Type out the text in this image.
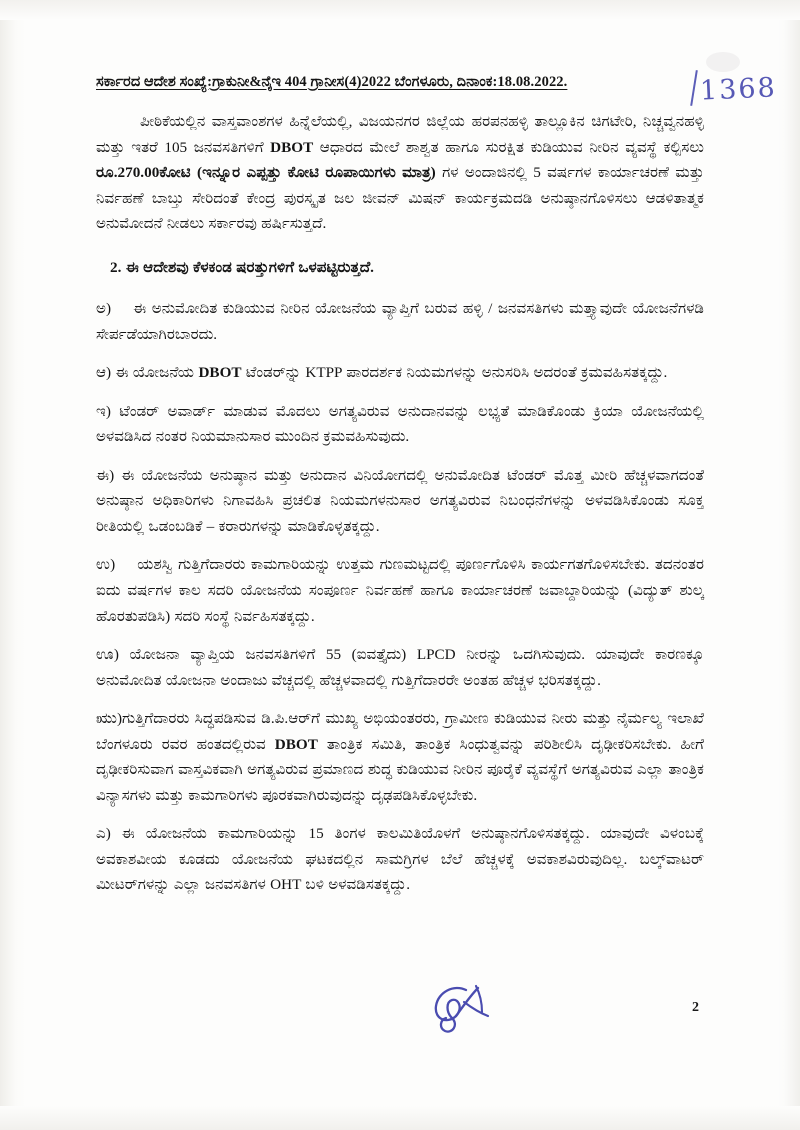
1368
ಸರ್ಕಾರದ ಆದೇಶ ಸಂಖ್ಯೆ:ಗ್ರಾಕುನೀ&ನೈಇ 404 ಗ್ರಾನೀಸ(4)2022 ಬೆಂಗಳೂರು, ದಿನಾಂಕ:18.08.2022.

ಪೀಠಿಕೆಯಲ್ಲಿನ ವಾಸ್ತವಾಂಶಗಳ ಹಿನ್ನೆಲೆಯಲ್ಲಿ, ವಿಜಯನಗರ ಜಿಲ್ಲೆಯ ಹರಪನಹಳ್ಳಿ ತಾಲ್ಲೂಕಿನ ಚಿಗಟೇರಿ, ನಿಚ್ಚವ್ವನಹಳ್ಳಿ ಮತ್ತು ಇತರೆ 105 ಜನವಸತಿಗಳಿಗೆ DBOT ಆಧಾರದ ಮೇಲೆ ಶಾಶ್ವತ ಹಾಗೂ ಸುರಕ್ಷಿತ ಕುಡಿಯುವ ನೀರಿನ ವ್ಯವಸ್ಥೆ ಕಲ್ಪಿಸಲು ರೂ.270.00ಕೋಟಿ (ಇನ್ನೂರ ಎಪ್ಪತ್ತು ಕೋಟಿ ರೂಪಾಯಿಗಳು ಮಾತ್ರ) ಗಳ ಅಂದಾಜಿನಲ್ಲಿ 5 ವರ್ಷಗಳ ಕಾರ್ಯಾಚರಣೆ ಮತ್ತು ನಿರ್ವಹಣೆ ಬಾಬ್ತು ಸೇರಿದಂತೆ ಕೇಂದ್ರ ಪುರಸ್ಕೃತ ಜಲ ಜೀವನ್ ಮಿಷನ್ ಕಾರ್ಯಕ್ರಮದಡಿ ಅನುಷ್ಠಾನಗೊಳಿಸಲು ಆಡಳಿತಾತ್ಮಕ ಅನುಮೋದನೆ ನೀಡಲು ಸರ್ಕಾರವು ಹರ್ಷಿಸುತ್ತದೆ.

2. ಈ ಆದೇಶವು ಕೆಳಕಂಡ ಷರತ್ತುಗಳಿಗೆ ಒಳಪಟ್ಟಿರುತ್ತದೆ.

ಅ) ಈ ಅನುಮೋದಿತ ಕುಡಿಯುವ ನೀರಿನ ಯೋಜನೆಯ ವ್ಯಾಪ್ತಿಗೆ ಬರುವ ಹಳ್ಳಿ / ಜನವಸತಿಗಳು ಮತ್ತ್ಯಾವುದೇ ಯೋಜನೆಗಳಡಿ ಸೇರ್ಪಡೆಯಾಗಿರಬಾರದು.

ಆ) ಈ ಯೋಜನೆಯ DBOT ಟೆಂಡರ್‌ನ್ನು KTPP ಪಾರದರ್ಶಕ ನಿಯಮಗಳನ್ನು ಅನುಸರಿಸಿ ಅದರಂತೆ ಕ್ರಮವಹಿಸತಕ್ಕದ್ದು.

ಇ) ಟೆಂಡರ್ ಅವಾರ್ಡ್ ಮಾಡುವ ಮೊದಲು ಅಗತ್ಯವಿರುವ ಅನುದಾನವನ್ನು ಲಭ್ಯತೆ ಮಾಡಿಕೊಂಡು ಕ್ರಿಯಾ ಯೋಜನೆಯಲ್ಲಿ ಅಳವಡಿಸಿದ ನಂತರ ನಿಯಮಾನುಸಾರ ಮುಂದಿನ ಕ್ರಮವಹಿಸುವುದು.

ಈ) ಈ ಯೋಜನೆಯ ಅನುಷ್ಠಾನ ಮತ್ತು ಅನುದಾನ ವಿನಿಯೋಗದಲ್ಲಿ ಅನುಮೋದಿತ ಟೆಂಡರ್ ಮೊತ್ತ ಮೀರಿ ಹೆಚ್ಚಳವಾಗದಂತೆ ಅನುಷ್ಠಾನ ಅಧಿಕಾರಿಗಳು ನಿಗಾವಹಿಸಿ ಪ್ರಚಲಿತ ನಿಯಮಗಳನುಸಾರ ಅಗತ್ಯವಿರುವ ನಿಬಂಧನೆಗಳನ್ನು ಅಳವಡಿಸಿಕೊಂಡು ಸೂಕ್ತ ರೀತಿಯಲ್ಲಿ ಒಡಂಬಡಿಕೆ – ಕರಾರುಗಳನ್ನು ಮಾಡಿಕೊಳ್ಳತಕ್ಕದ್ದು.

ಉ) ಯಶಸ್ವಿ ಗುತ್ತಿಗೆದಾರರು ಕಾಮಗಾರಿಯನ್ನು ಉತ್ತಮ ಗುಣಮಟ್ಟದಲ್ಲಿ ಪೂರ್ಣಗೊಳಿಸಿ ಕಾರ್ಯಗತಗೊಳಿಸಬೇಕು. ತದನಂತರ ಐದು ವರ್ಷಗಳ ಕಾಲ ಸದರಿ ಯೋಜನೆಯ ಸಂಪೂರ್ಣ ನಿರ್ವಹಣೆ ಹಾಗೂ ಕಾರ್ಯಾಚರಣೆ ಜವಾಬ್ದಾರಿಯನ್ನು (ವಿದ್ಯುತ್ ಶುಲ್ಕ ಹೊರತುಪಡಿಸಿ) ಸದರಿ ಸಂಸ್ಥೆ ನಿರ್ವಹಿಸತಕ್ಕದ್ದು.

ಊ) ಯೋಜನಾ ವ್ಯಾಪ್ತಿಯ ಜನವಸತಿಗಳಿಗೆ 55 (ಐವತ್ತೈದು) LPCD ನೀರನ್ನು ಒದಗಿಸುವುದು. ಯಾವುದೇ ಕಾರಣಕ್ಕೂ ಅನುಮೋದಿತ ಯೋಜನಾ ಅಂದಾಜು ವೆಚ್ಚದಲ್ಲಿ ಹೆಚ್ಚಳವಾದಲ್ಲಿ ಗುತ್ತಿಗೆದಾರರೇ ಅಂತಹ ಹೆಚ್ಚಳ ಭರಿಸತಕ್ಕದ್ದು.

ಋು)ಗುತ್ತಿಗೆದಾರರು ಸಿದ್ಧಪಡಿಸುವ ಡಿ.ಪಿ.ಆರ್‌ಗೆ ಮುಖ್ಯ ಅಭಿಯಂತರರು, ಗ್ರಾಮೀಣ ಕುಡಿಯುವ ನೀರು ಮತ್ತು ನೈರ್ಮಲ್ಯ ಇಲಾಖೆ ಬೆಂಗಳೂರು ರವರ ಹಂತದಲ್ಲಿರುವ DBOT ತಾಂತ್ರಿಕ ಸಮಿತಿ, ತಾಂತ್ರಿಕ ಸಿಂಧುತ್ವವನ್ನು ಪರಿಶೀಲಿಸಿ ದೃಢೀಕರಿಸಬೇಕು. ಹೀಗೆ ದೃಢೀಕರಿಸುವಾಗ ವಾಸ್ತವಿಕವಾಗಿ ಅಗತ್ಯವಿರುವ ಪ್ರಮಾಣದ ಶುದ್ಧ ಕುಡಿಯುವ ನೀರಿನ ಪೂರೈಕೆ ವ್ಯವಸ್ಥೆಗೆ ಅಗತ್ಯವಿರುವ ಎಲ್ಲಾ ತಾಂತ್ರಿಕ ವಿನ್ಯಾಸಗಳು ಮತ್ತು ಕಾಮಗಾರಿಗಳು ಪೂರಕವಾಗಿರುವುದನ್ನು ದೃಢಪಡಿಸಿಕೊಳ್ಳಬೇಕು.

ಎ) ಈ ಯೋಜನೆಯ ಕಾಮಗಾರಿಯನ್ನು 15 ತಿಂಗಳ ಕಾಲಮಿತಿಯೊಳಗೆ ಅನುಷ್ಠಾನಗೊಳಿಸತಕ್ಕದ್ದು. ಯಾವುದೇ ವಿಳಂಬಕ್ಕೆ ಅವಕಾಶವೀಯ ಕೂಡದು ಯೋಜನೆಯ ಘಟಕದಲ್ಲಿನ ಸಾಮಗ್ರಿಗಳ ಬೆಲೆ ಹೆಚ್ಚಳಕ್ಕೆ ಅವಕಾಶವಿರುವುದಿಲ್ಲ. ಬಲ್ಕ್‌ವಾಟರ್ ಮೀಟರ್‌ಗಳನ್ನು ಎಲ್ಲಾ ಜನವಸತಿಗಳ OHT ಬಳಿ ಅಳವಡಿಸತಕ್ಕದ್ದು.

2
